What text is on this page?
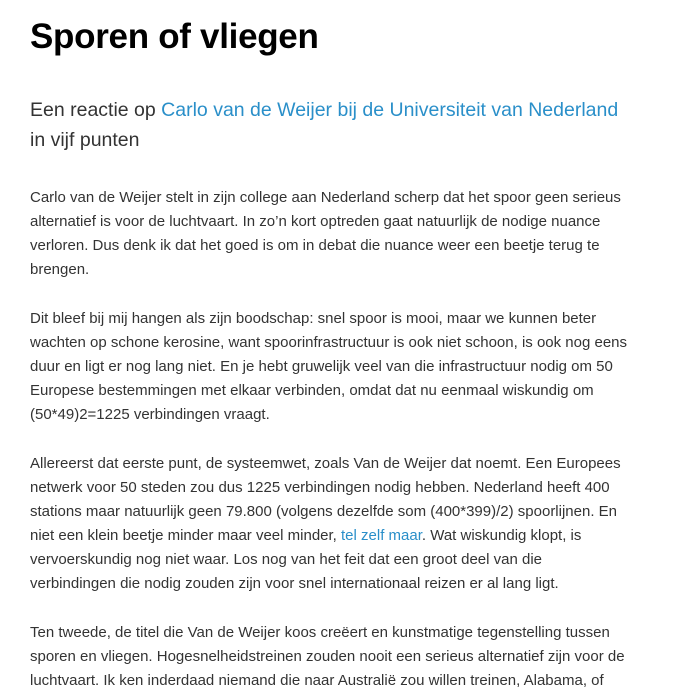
Sporen of vliegen

Een reactie op Carlo van de Weijer bij de Universiteit van Nederland in vijf punten

Carlo van de Weijer stelt in zijn college aan Nederland scherp dat het spoor geen serieus alternatief is voor de luchtvaart. In zo’n kort optreden gaat natuurlijk de nodige nuance verloren. Dus denk ik dat het goed is om in debat die nuance weer een beetje terug te brengen.

Dit bleef bij mij hangen als zijn boodschap: snel spoor is mooi, maar we kunnen beter wachten op schone kerosine, want spoorinfrastructuur is ook niet schoon, is ook nog eens duur en ligt er nog lang niet. En je hebt gruwelijk veel van die infrastructuur nodig om 50 Europese bestemmingen met elkaar verbinden, omdat dat nu eenmaal wiskundig om (50*49)2=1225 verbindingen vraagt.

Allereerst dat eerste punt, de systeemwet, zoals Van de Weijer dat noemt. Een Europees netwerk voor 50 steden zou dus 1225 verbindingen nodig hebben. Nederland heeft 400 stations maar natuurlijk geen 79.800 (volgens dezelfde som (400*399)/2) spoorlijnen. En niet een klein beetje minder maar veel minder, tel zelf maar. Wat wiskundig klopt, is vervoerskundig nog niet waar. Los nog van het feit dat een groot deel van die verbindingen die nodig zouden zijn voor snel internationaal reizen er al lang ligt.

Ten tweede, de titel die Van de Weijer koos creëert en kunstmatige tegenstelling tussen sporen en vliegen. Hogesnelheidstreinen zouden nooit een serieus alternatief zijn voor de luchtvaart. Ik ken inderdaad niemand die naar Australië zou willen treinen, Alabama, of
